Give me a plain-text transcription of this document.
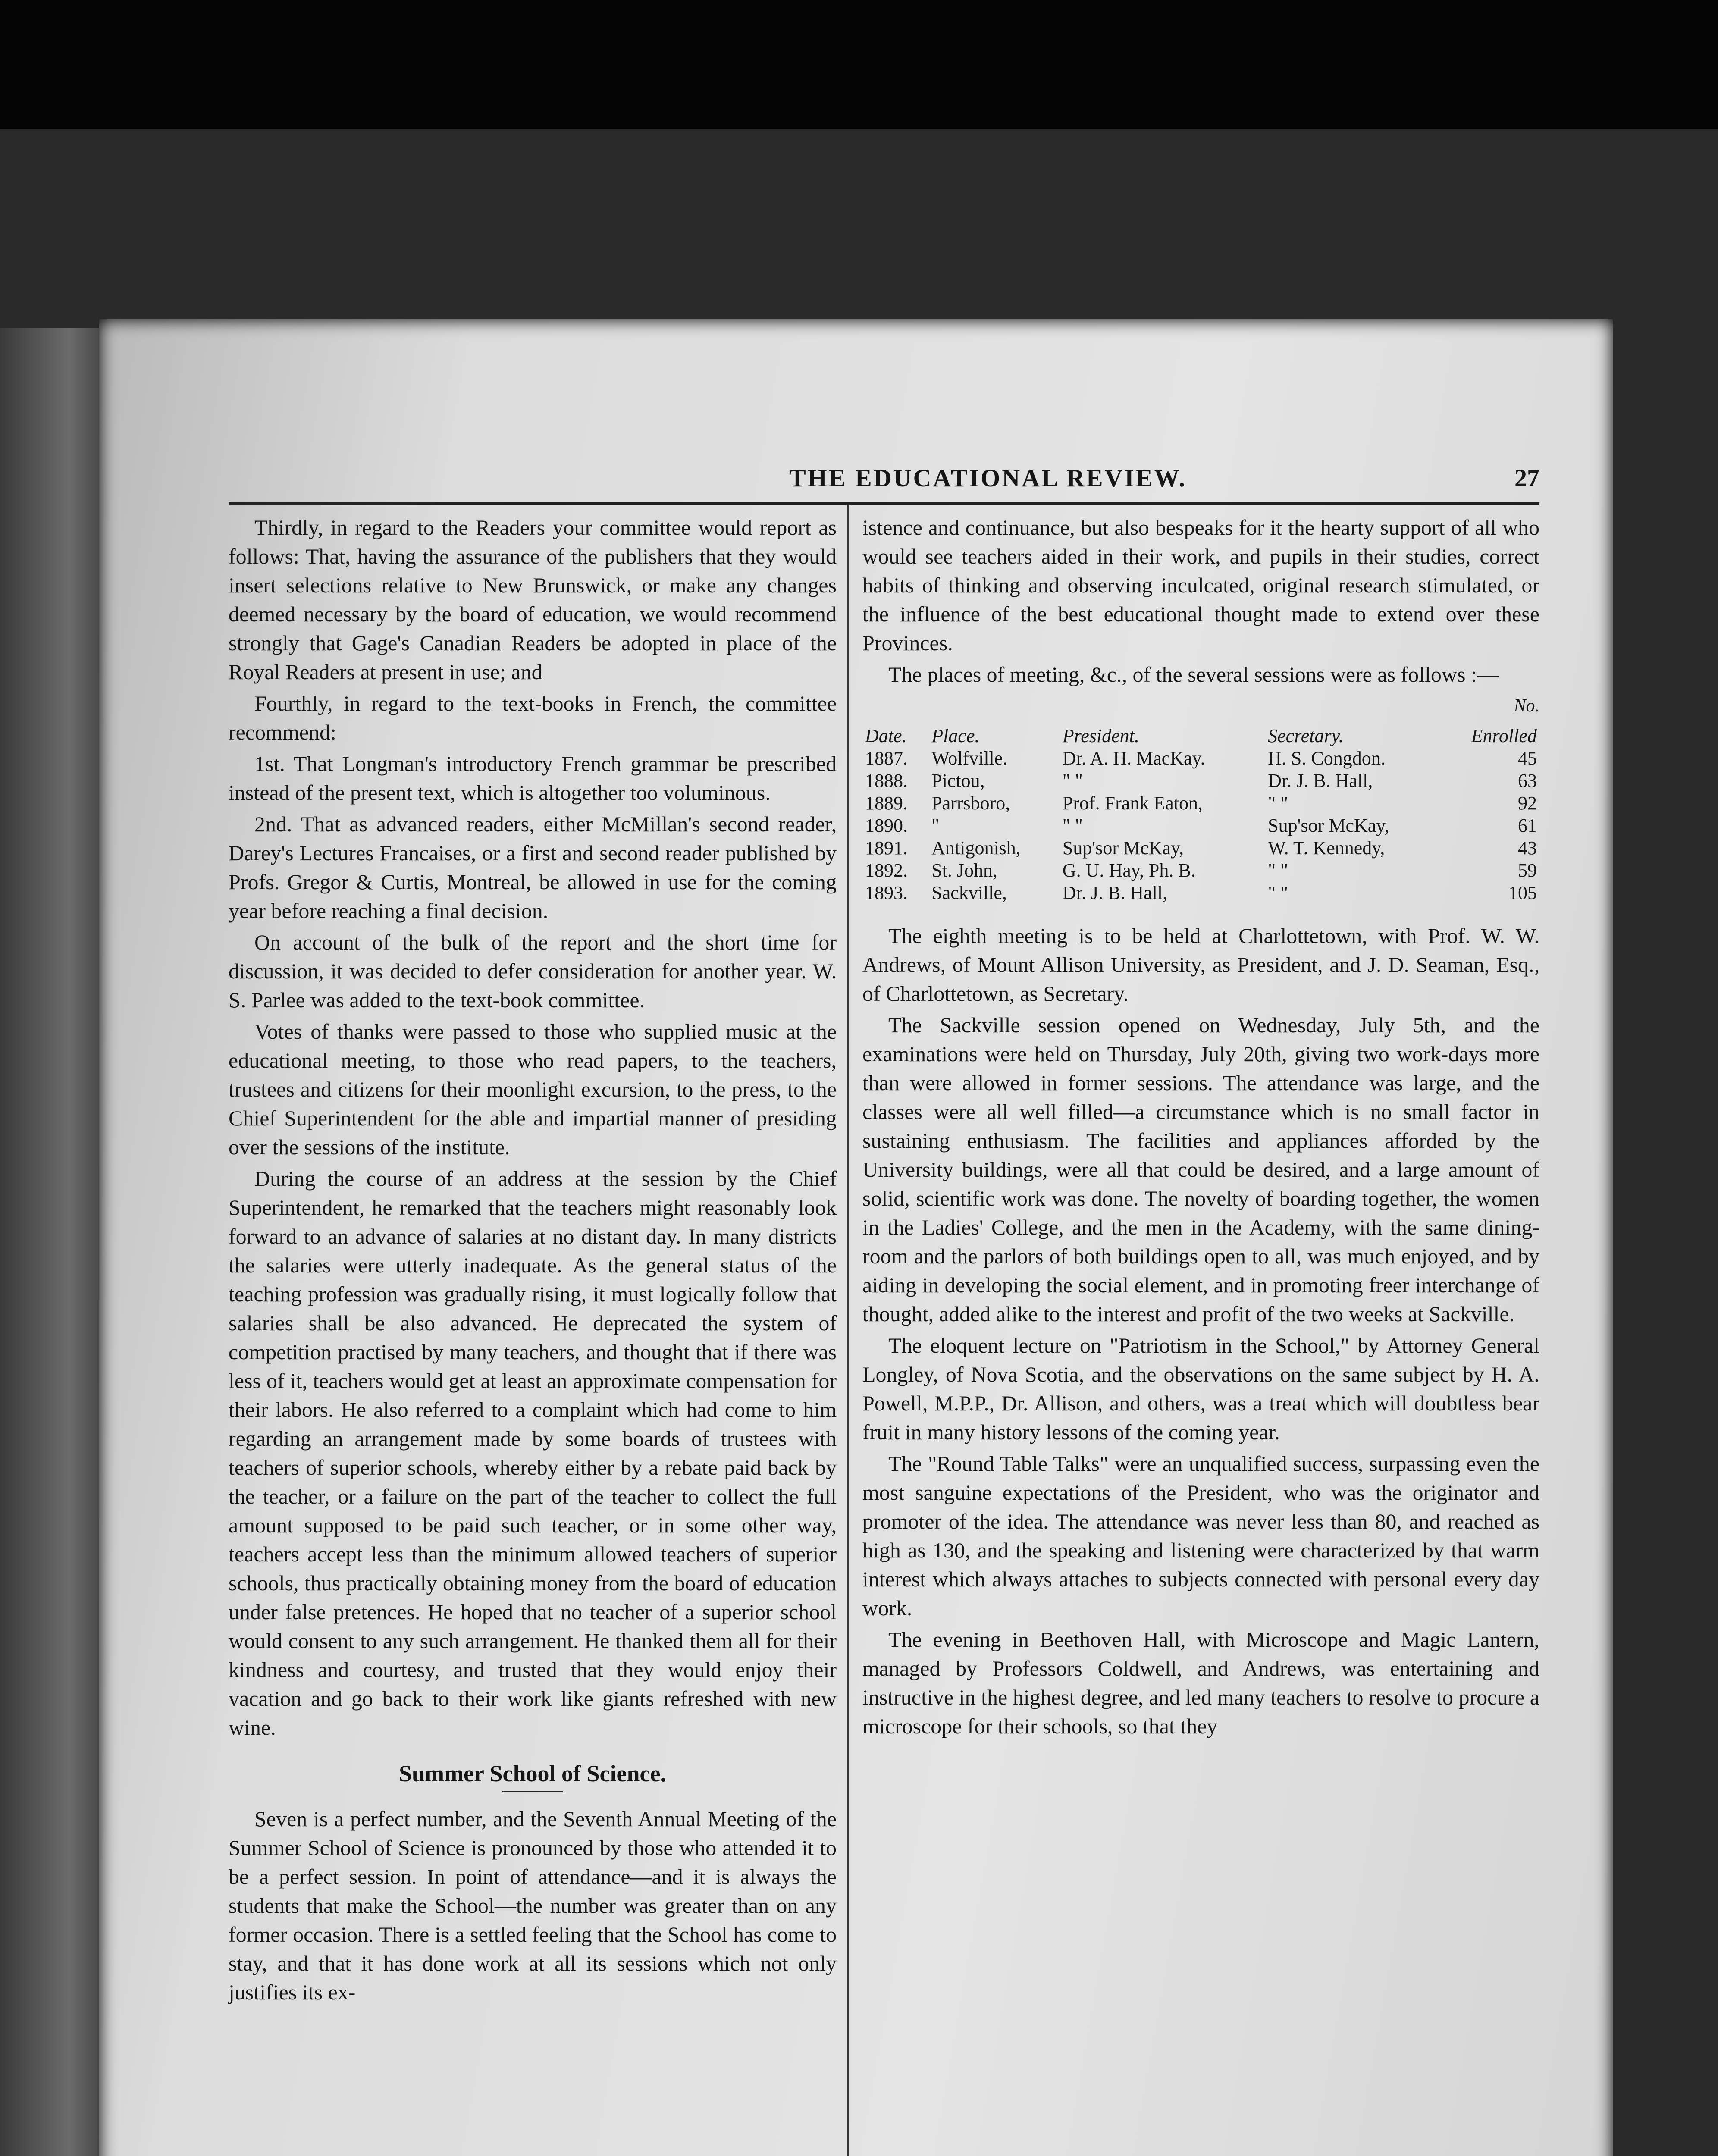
THE EDUCATIONAL REVIEW.	27

Thirdly, in regard to the Readers your committee would report as follows: That, having the assurance of the publishers that they would insert selections relative to New Brunswick, or make any changes deemed necessary by the board of education, we would recommend strongly that Gage's Canadian Readers be adopted in place of the Royal Readers at present in use; and

Fourthly, in regard to the text-books in French, the committee recommend:

1st. That Longman's introductory French grammar be prescribed instead of the present text, which is altogether too voluminous.

2nd. That as advanced readers, either McMillan's second reader, Darey's Lectures Francaises, or a first and second reader published by Profs. Gregor & Curtis, Montreal, be allowed in use for the coming year before reaching a final decision.

On account of the bulk of the report and the short time for discussion, it was decided to defer consideration for another year. W. S. Parlee was added to the text-book committee.

Votes of thanks were passed to those who supplied music at the educational meeting, to those who read papers, to the teachers, trustees and citizens for their moonlight excursion, to the press, to the Chief Superintendent for the able and impartial manner of presiding over the sessions of the institute.

During the course of an address at the session by the Chief Superintendent, he remarked that the teachers might reasonably look forward to an advance of salaries at no distant day. In many districts the salaries were utterly inadequate. As the general status of the teaching profession was gradually rising, it must logically follow that salaries shall be also advanced. He deprecated the system of competition practised by many teachers, and thought that if there was less of it, teachers would get at least an approximate compensation for their labors. He also referred to a complaint which had come to him regarding an arrangement made by some boards of trustees with teachers of superior schools, whereby either by a rebate paid back by the teacher, or a failure on the part of the teacher to collect the full amount supposed to be paid such teacher, or in some other way, teachers accept less than the minimum allowed teachers of superior schools, thus practically obtaining money from the board of education under false pretences. He hoped that no teacher of a superior school would consent to any such arrangement. He thanked them all for their kindness and courtesy, and trusted that they would enjoy their vacation and go back to their work like giants refreshed with new wine.

Summer School of Science.

Seven is a perfect number, and the Seventh Annual Meeting of the Summer School of Science is pronounced by those who attended it to be a perfect session. In point of attendance—and it is always the students that make the School—the number was greater than on any former occasion. There is a settled feeling that the School has come to stay, and that it has done work at all its sessions which not only justifies its ex-

istence and continuance, but also bespeaks for it the hearty support of all who would see teachers aided in their work, and pupils in their studies, correct habits of thinking and observing inculcated, original research stimulated, or the influence of the best educational thought made to extend over these Provinces.

The places of meeting, &c., of the several sessions were as follows :—

No.
Date.	Place.	President.	Secretary.	Enrolled
1887.	Wolfville.	Dr. A. H. MacKay.	H. S. Congdon.	45
1888.	Pictou,	" "	Dr. J. B. Hall,	63
1889.	Parrsboro,	Prof. Frank Eaton,	" "	92
1890.	"	" "	Sup'sor McKay,	61
1891.	Antigonish,	Sup'sor McKay,	W. T. Kennedy,	43
1892.	St. John,	G. U. Hay, Ph. B.	" "	59
1893.	Sackville,	Dr. J. B. Hall,	" "	105

The eighth meeting is to be held at Charlottetown, with Prof. W. W. Andrews, of Mount Allison University, as President, and J. D. Seaman, Esq., of Charlottetown, as Secretary.

The Sackville session opened on Wednesday, July 5th, and the examinations were held on Thursday, July 20th, giving two work-days more than were allowed in former sessions. The attendance was large, and the classes were all well filled—a circumstance which is no small factor in sustaining enthusiasm. The facilities and appliances afforded by the University buildings, were all that could be desired, and a large amount of solid, scientific work was done. The novelty of boarding together, the women in the Ladies' College, and the men in the Academy, with the same dining-room and the parlors of both buildings open to all, was much enjoyed, and by aiding in developing the social element, and in promoting freer interchange of thought, added alike to the interest and profit of the two weeks at Sackville.

The eloquent lecture on "Patriotism in the School," by Attorney General Longley, of Nova Scotia, and the observations on the same subject by H. A. Powell, M.P.P., Dr. Allison, and others, was a treat which will doubtless bear fruit in many history lessons of the coming year.

The "Round Table Talks" were an unqualified success, surpassing even the most sanguine expectations of the President, who was the originator and promoter of the idea. The attendance was never less than 80, and reached as high as 130, and the speaking and listening were characterized by that warm interest which always attaches to subjects connected with personal every day work.

The evening in Beethoven Hall, with Microscope and Magic Lantern, managed by Professors Coldwell, and Andrews, was entertaining and instructive in the highest degree, and led many teachers to resolve to procure a microscope for their schools, so that they
